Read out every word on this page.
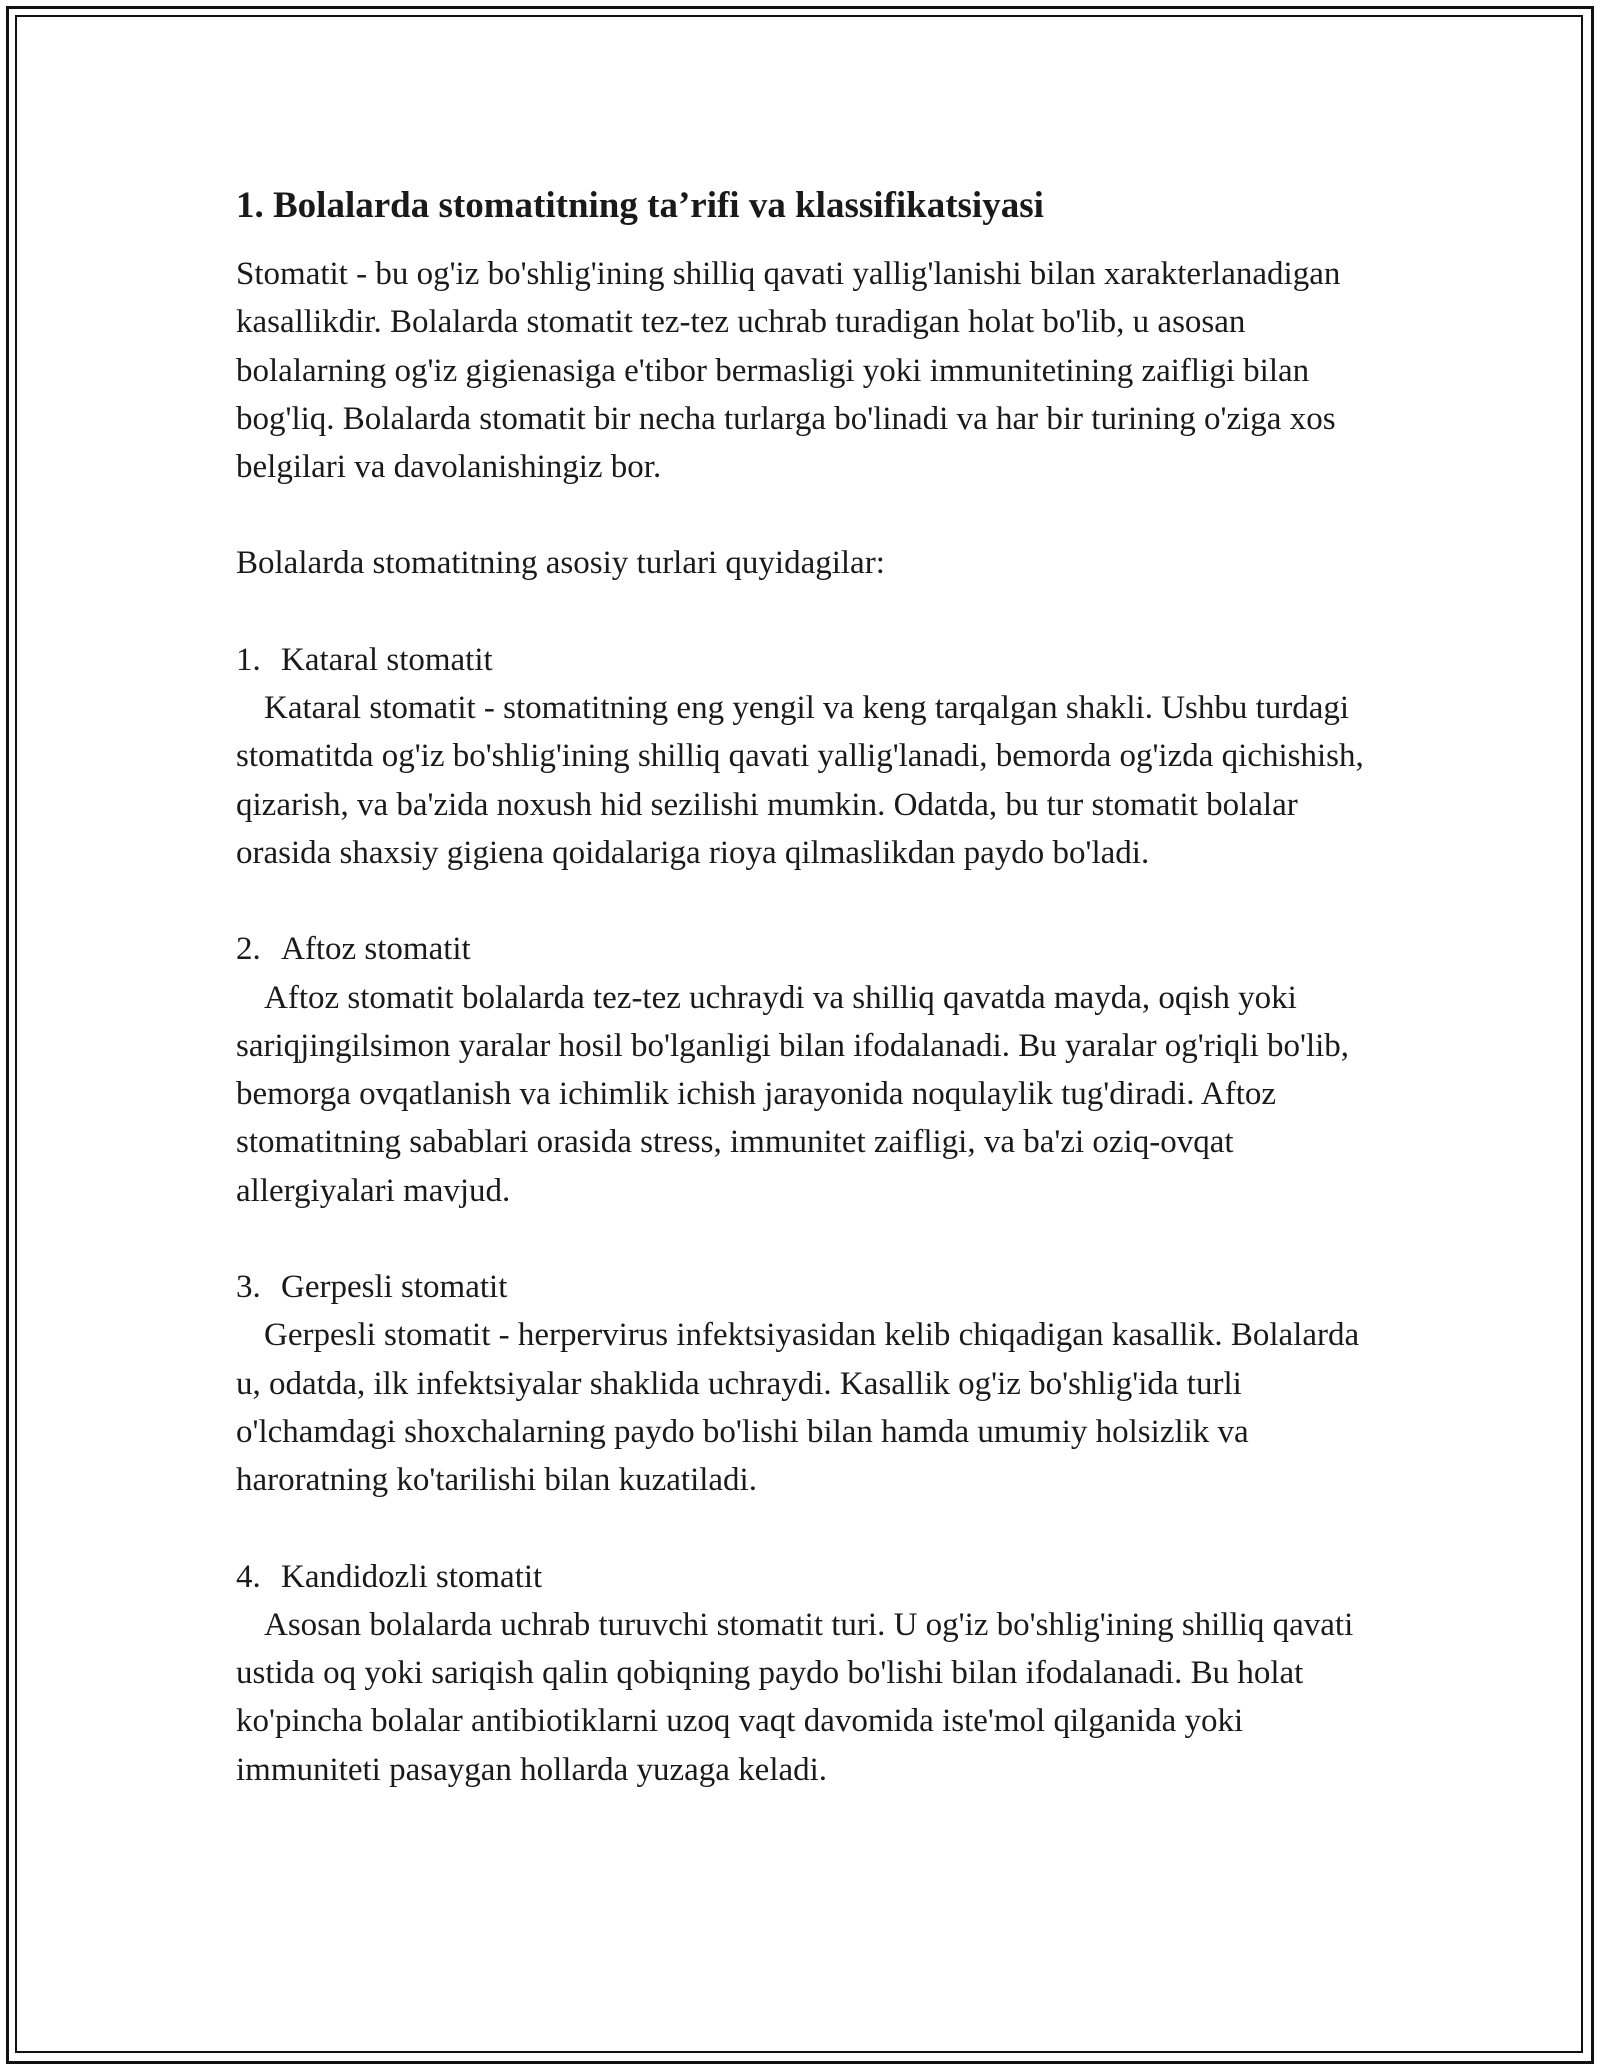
1. Bolalarda stomatitning ta’rifi va klassifikatsiyasi

Stomatit - bu og'iz bo'shlig'ining shilliq qavati yallig'lanishi bilan xarakterlanadigan kasallikdir. Bolalarda stomatit tez-tez uchrab turadigan holat bo'lib, u asosan bolalarning og'iz gigienasiga e'tibor bermasligi yoki immunitetining zaifligi bilan bog'liq. Bolalarda stomatit bir necha turlarga bo'linadi va har bir turining o'ziga xos belgilari va davolanishingiz bor.

Bolalarda stomatitning asosiy turlari quyidagilar:

1. Kataral stomatit

Kataral stomatit - stomatitning eng yengil va keng tarqalgan shakli. Ushbu turdagi stomatitda og'iz bo'shlig'ining shilliq qavati yallig'lanadi, bemorda og'izda qichishish, qizarish, va ba'zida noxush hid sezilishi mumkin. Odatda, bu tur stomatit bolalar orasida shaxsiy gigiena qoidalariga rioya qilmaslikdan paydo bo'ladi.

2. Aftoz stomatit

Aftoz stomatit bolalarda tez-tez uchraydi va shilliq qavatda mayda, oqish yoki sariqjingilsimon yaralar hosil bo'lganligi bilan ifodalanadi. Bu yaralar og'riqli bo'lib, bemorga ovqatlanish va ichimlik ichish jarayonida noqulaylik tug'diradi. Aftoz stomatitning sabablari orasida stress, immunitet zaifligi, va ba'zi oziq-ovqat allergiyalari mavjud.

3. Gerpesli stomatit

Gerpesli stomatit - herpervirus infektsiyasidan kelib chiqadigan kasallik. Bolalarda u, odatda, ilk infektsiyalar shaklida uchraydi. Kasallik og'iz bo'shlig'ida turli o'lchamdagi shoxchalarning paydo bo'lishi bilan hamda umumiy holsizlik va haroratning ko'tarilishi bilan kuzatiladi.

4. Kandidozli stomatit

Asosan bolalarda uchrab turuvchi stomatit turi. U og'iz bo'shlig'ining shilliq qavati ustida oq yoki sariqish qalin qobiqning paydo bo'lishi bilan ifodalanadi. Bu holat ko'pincha bolalar antibiotiklarni uzoq vaqt davomida iste'mol qilganida yoki immuniteti pasaygan hollarda yuzaga keladi.
